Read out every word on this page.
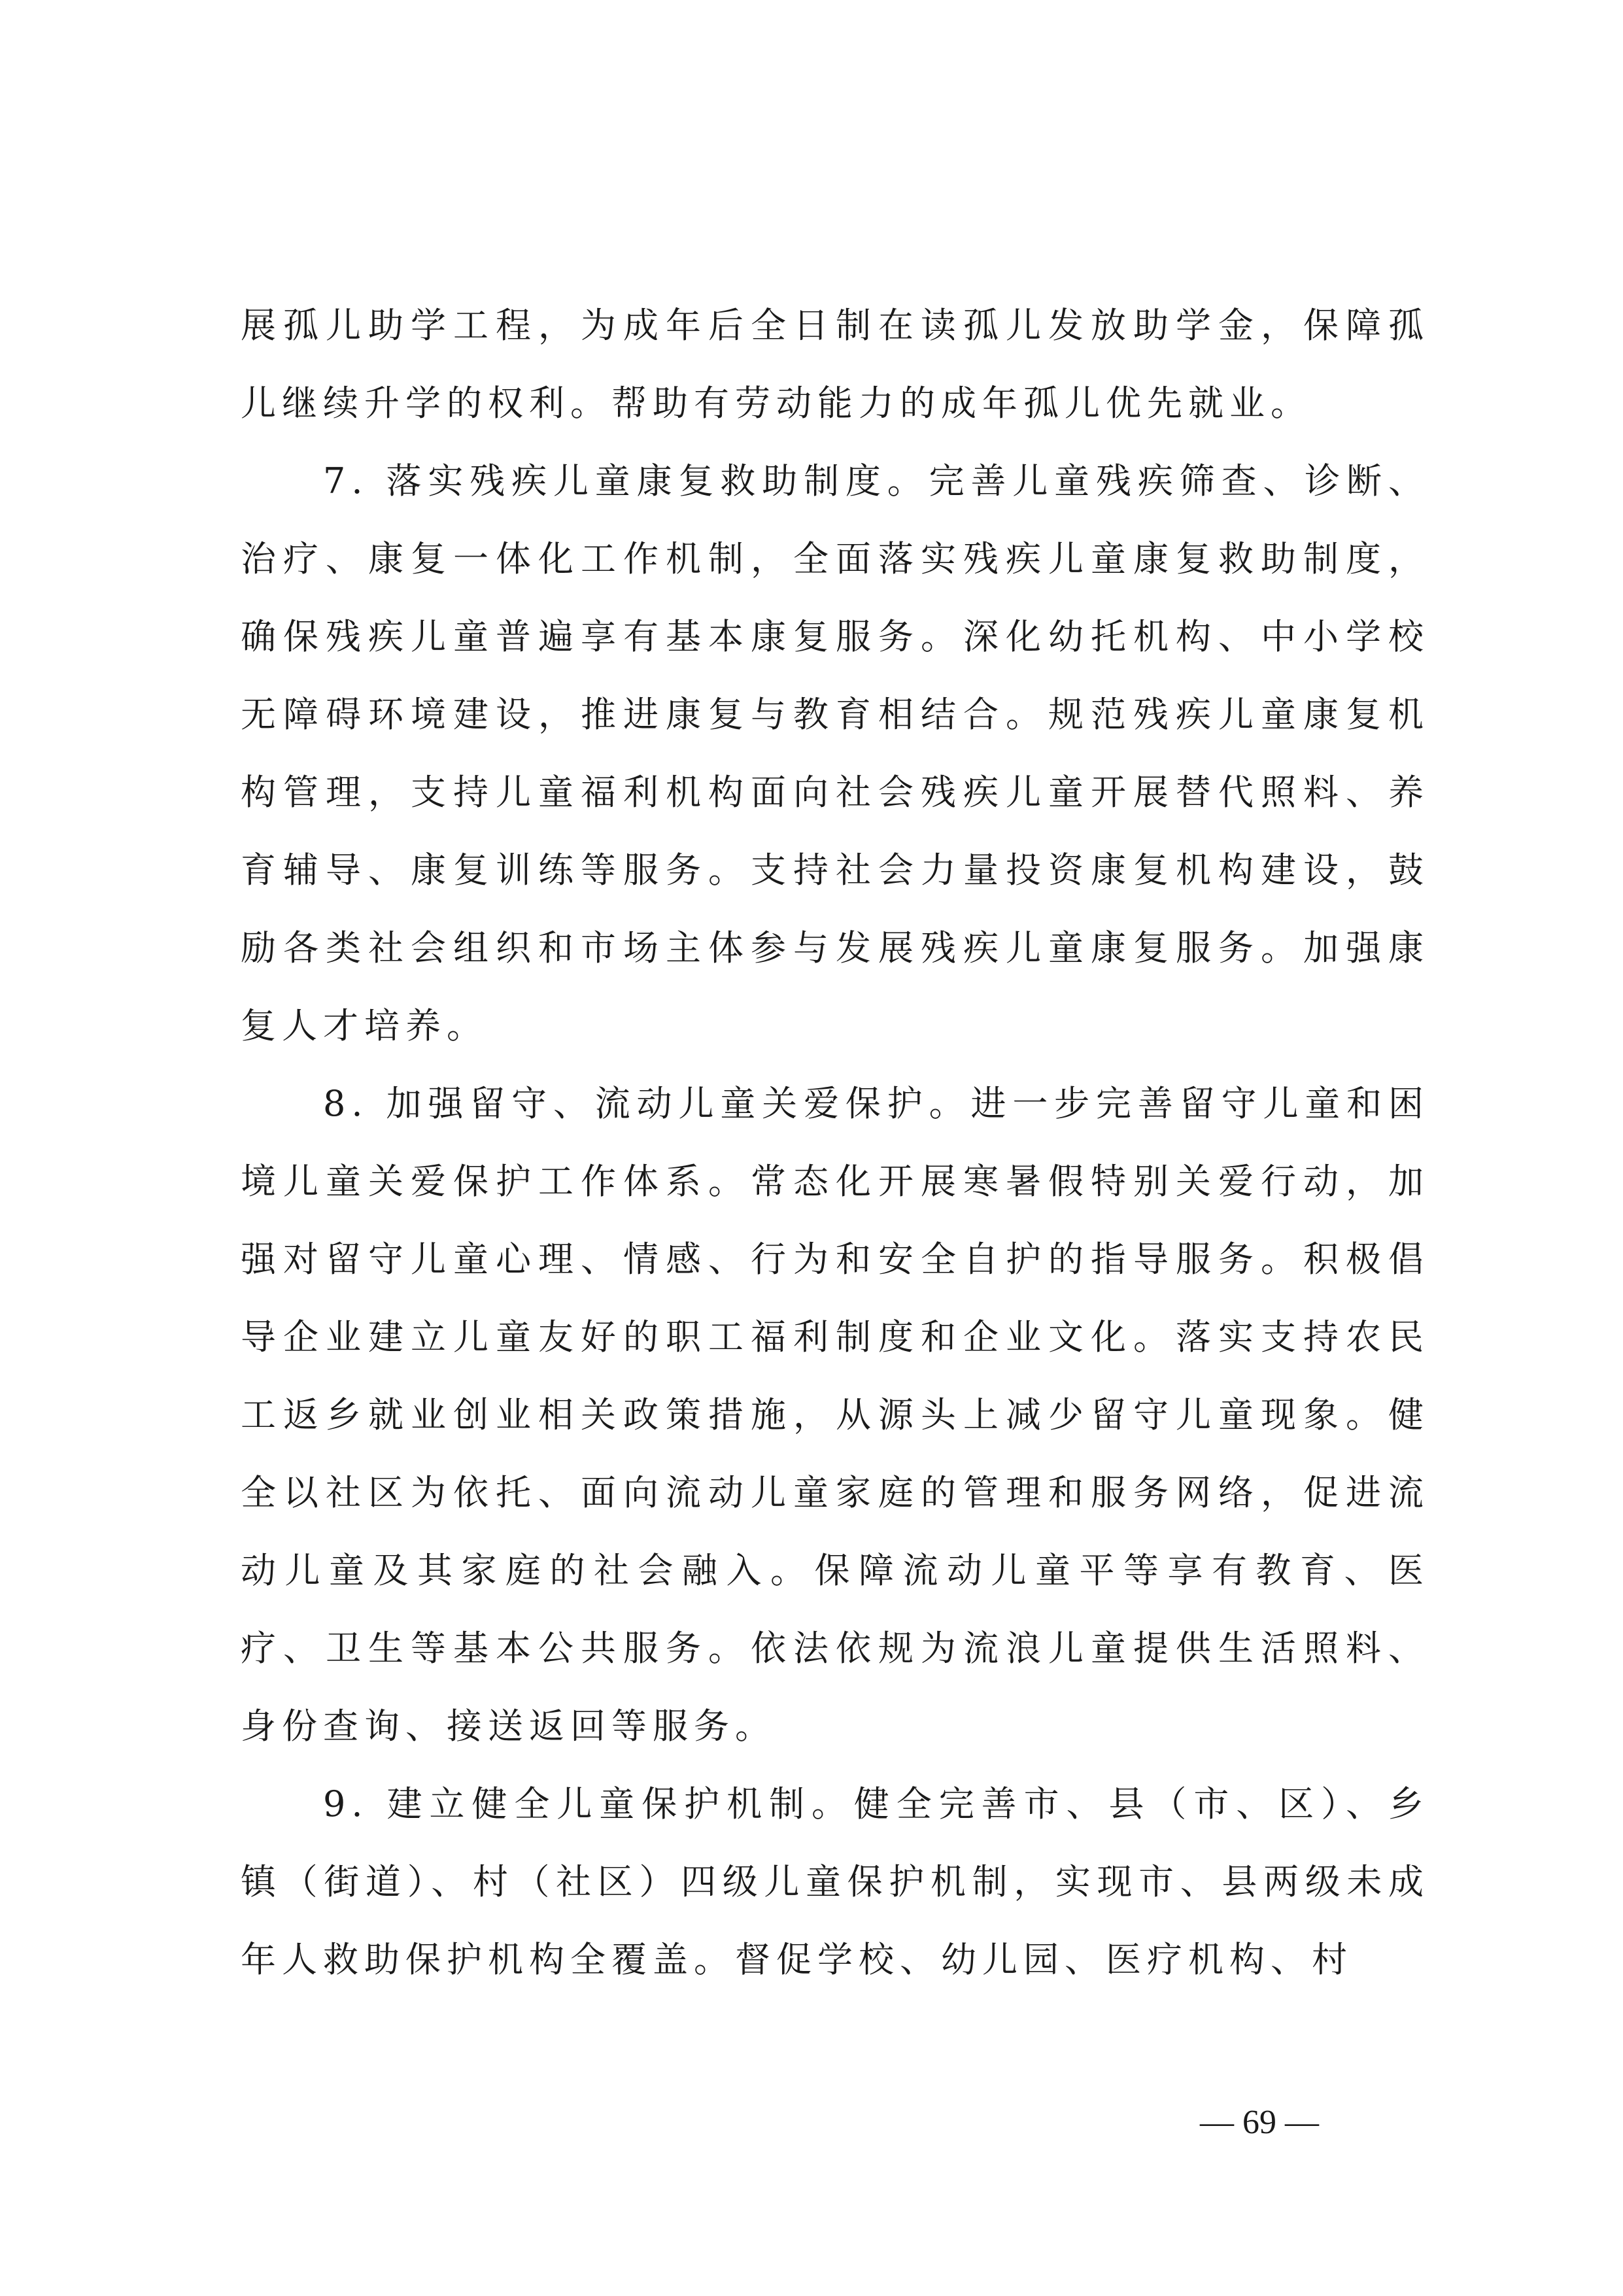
展孤儿助学工程，为成年后全日制在读孤儿发放助学金，保障孤儿继续升学的权利。帮助有劳动能力的成年孤儿优先就业。

7. 落实残疾儿童康复救助制度。完善儿童残疾筛查、诊断、治疗、康复一体化工作机制，全面落实残疾儿童康复救助制度，确保残疾儿童普遍享有基本康复服务。深化幼托机构、中小学校无障碍环境建设，推进康复与教育相结合。规范残疾儿童康复机构管理，支持儿童福利机构面向社会残疾儿童开展替代照料、养育辅导、康复训练等服务。支持社会力量投资康复机构建设，鼓励各类社会组织和市场主体参与发展残疾儿童康复服务。加强康复人才培养。

8. 加强留守、流动儿童关爱保护。进一步完善留守儿童和困境儿童关爱保护工作体系。常态化开展寒暑假特别关爱行动，加强对留守儿童心理、情感、行为和安全自护的指导服务。积极倡导企业建立儿童友好的职工福利制度和企业文化。落实支持农民工返乡就业创业相关政策措施，从源头上减少留守儿童现象。健全以社区为依托、面向流动儿童家庭的管理和服务网络，促进流动儿童及其家庭的社会融入。保障流动儿童平等享有教育、医疗、卫生等基本公共服务。依法依规为流浪儿童提供生活照料、身份查询、接送返回等服务。

9. 建立健全儿童保护机制。健全完善市、县（市、区）、乡镇（街道）、村（社区）四级儿童保护机制，实现市、县两级未成年人救助保护机构全覆盖。督促学校、幼儿园、医疗机构、村

— 69 —
